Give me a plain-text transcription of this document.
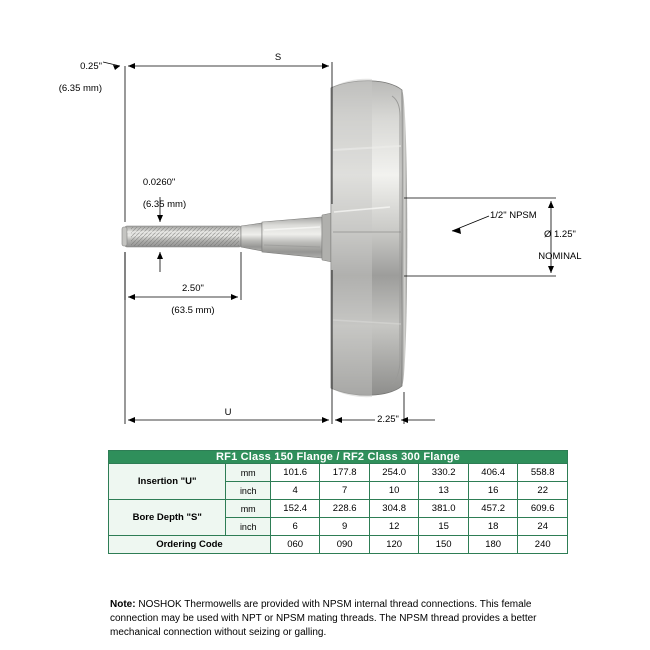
0.25"

(6.35 mm)

S

0.0260"

(6.35 mm)

2.50"

(63.5 mm)

1/2" NPSM

Ø 1.25"

NOMINAL

U
2.25"
RF1 Class 150 Flange / RF2 Class 300 Flange							
Insertion "U"	mm	101.6	177.8	254.0	330.2	406.4	558.8
	inch	4	7	10	13	16	22
Bore Depth "S"	mm	152.4	228.6	304.8	381.0	457.2	609.6
	inch	6	9	12	15	18	24
Ordering Code		060	090	120	150	180	240
Note: NOSHOK Thermowells are provided with NPSM internal thread connections. This female connection may be used with NPT or NPSM mating threads. The NPSM thread provides a better mechanical connection without seizing or galling.
